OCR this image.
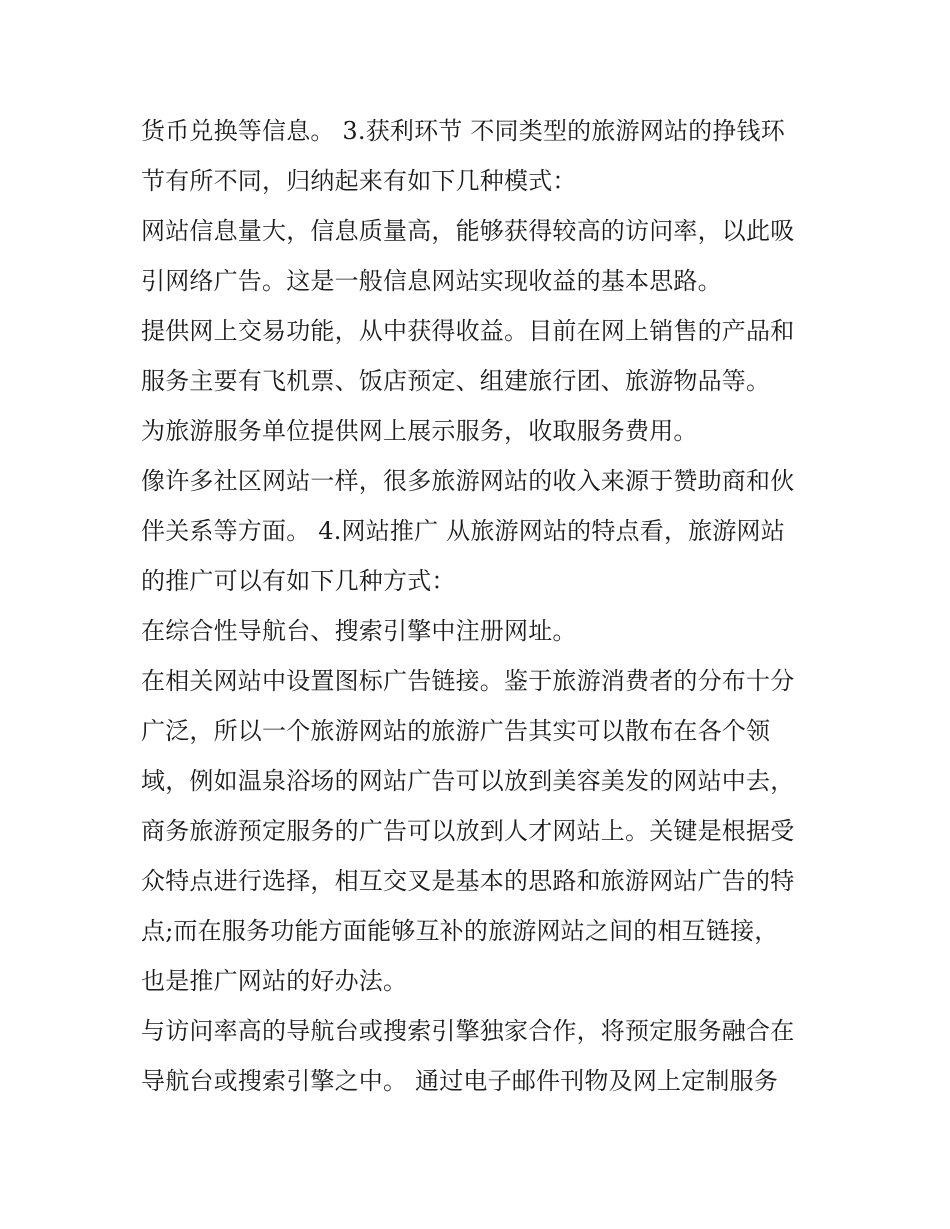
货币兑换等信息。 3.获利环节 不同类型的旅游网站的挣钱环
节有所不同，归纳起来有如下几种模式：
网站信息量大，信息质量高，能够获得较高的访问率，以此吸
引网络广告。这是一般信息网站实现收益的基本思路。
提供网上交易功能，从中获得收益。目前在网上销售的产品和
服务主要有飞机票、饭店预定、组建旅行团、旅游物品等。
为旅游服务单位提供网上展示服务，收取服务费用。
像许多社区网站一样，很多旅游网站的收入来源于赞助商和伙
伴关系等方面。 4.网站推广 从旅游网站的特点看，旅游网站
的推广可以有如下几种方式：
在综合性导航台、搜索引擎中注册网址。
在相关网站中设置图标广告链接。鉴于旅游消费者的分布十分
广泛，所以一个旅游网站的旅游广告其实可以散布在各个领
域，例如温泉浴场的网站广告可以放到美容美发的网站中去，
商务旅游预定服务的广告可以放到人才网站上。关键是根据受
众特点进行选择，相互交叉是基本的思路和旅游网站广告的特
点;而在服务功能方面能够互补的旅游网站之间的相互链接，
也是推广网站的好办法。
与访问率高的导航台或搜索引擎独家合作，将预定服务融合在
导航台或搜索引擎之中。 通过电子邮件刊物及网上定制服务
